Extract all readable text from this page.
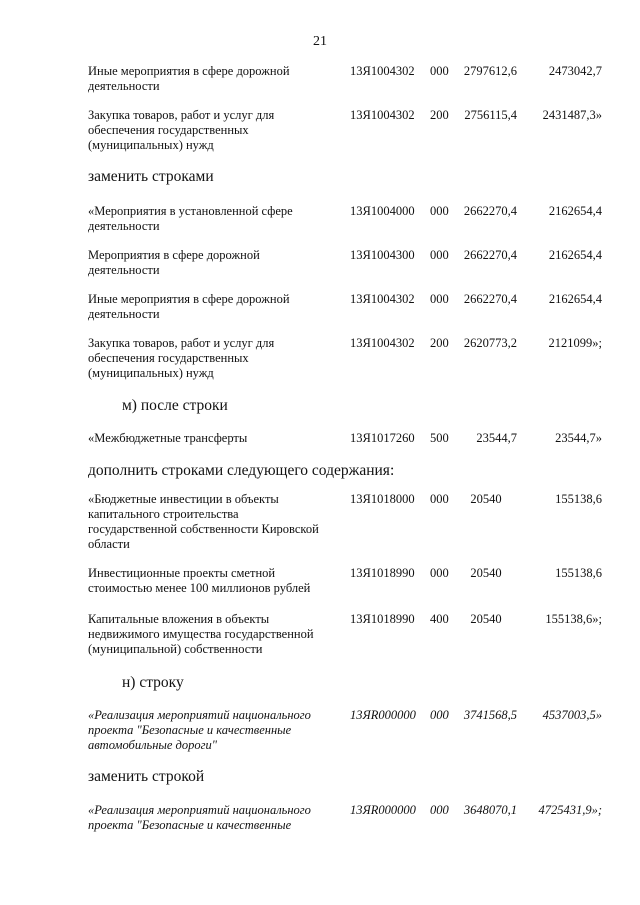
21
Иные мероприятия в сфере дорожной деятельности
13Я1004302 000	2797612,6	2473042,7
Закупка товаров, работ и услуг для обеспечения государственных (муниципальных) нужд
13Я1004302 200	2756115,4	2431487,3»
заменить строками
«Мероприятия в установленной сфере деятельности
13Я1004000 000	2662270,4	2162654,4
Мероприятия в сфере дорожной деятельности
13Я1004300 000	2662270,4	2162654,4
Иные мероприятия в сфере дорожной деятельности
13Я1004302 000	2662270,4	2162654,4
Закупка товаров, работ и услуг для обеспечения государственных (муниципальных) нужд
13Я1004302 200	2620773,2	2121099»;
м) после строки
«Межбюджетные трансферты	13Я1017260 500	23544,7	23544,7»
дополнить строками следующего содержания:
«Бюджетные инвестиции в объекты капитального строительства государственной собственности Кировской области
13Я1018000 000	20540	155138,6
Инвестиционные проекты сметной стоимостью менее 100 миллионов рублей
13Я1018990 000	20540	155138,6
Капитальные вложения в объекты недвижимого имущества государственной (муниципальной) собственности
13Я1018990 400	20540	155138,6»;
н) строку
«Реализация мероприятий национального проекта "Безопасные и качественные автомобильные дороги"
13ЯR000000 000	3741568,5	4537003,5»
заменить строкой
«Реализация мероприятий национального проекта "Безопасные и качественные
13ЯR000000 000	3648070,1	4725431,9»;
